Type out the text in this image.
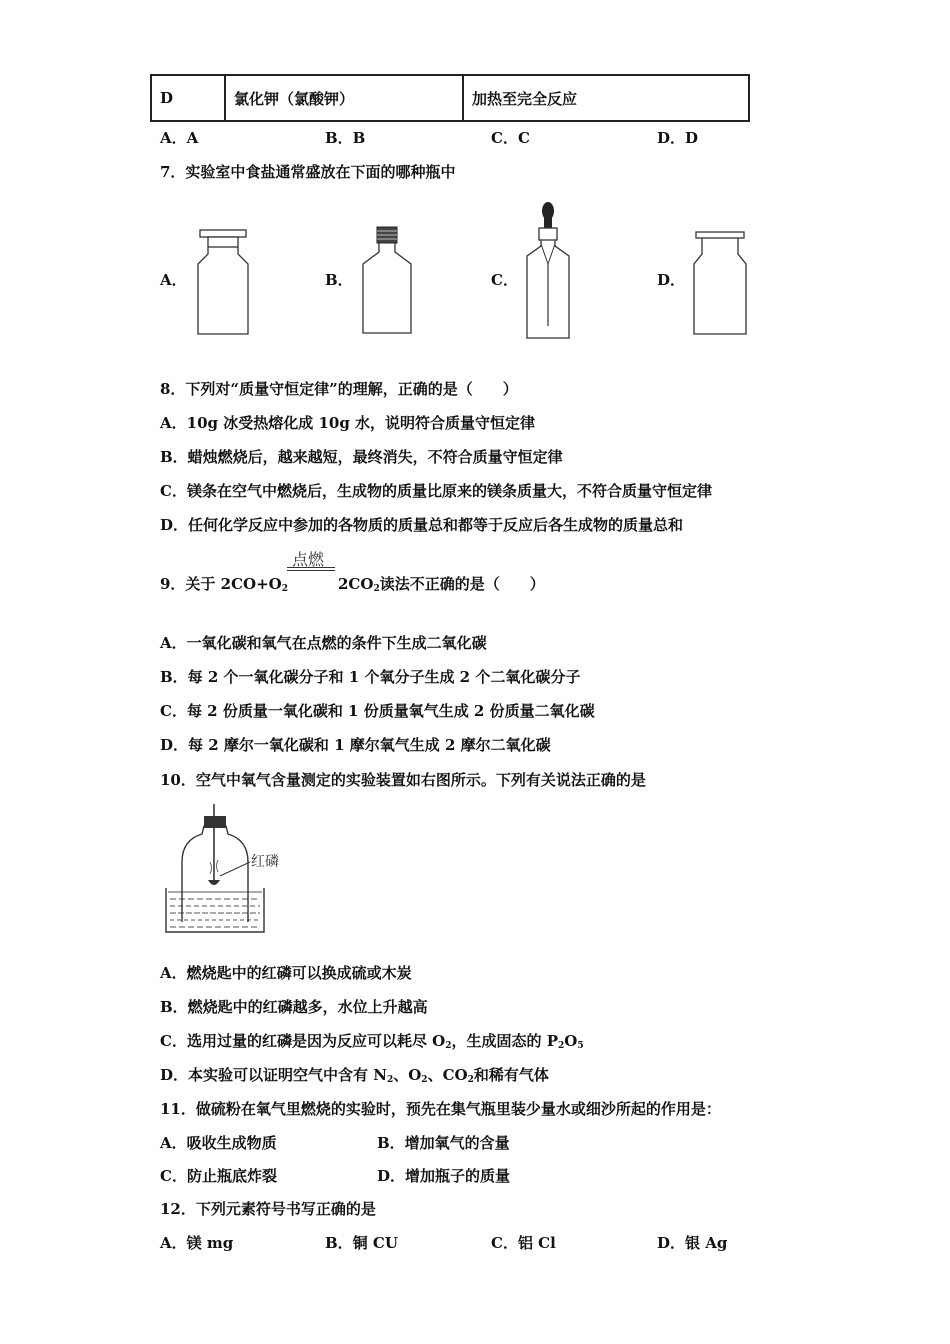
D	氯化钾（氯酸钾）	加热至完全反应
A．A	B．B	C．C	D．D
7．实验室中食盐通常盛放在下面的哪种瓶中
A．	B．	C．	D．
8．下列对“质量守恒定律”的理解，正确的是（　　）
A．10g 冰受热熔化成 10g 水，说明符合质量守恒定律
B．蜡烛燃烧后，越来越短，最终消失，不符合质量守恒定律
C．镁条在空气中燃烧后，生成物的质量比原来的镁条质量大，不符合质量守恒定律
D．任何化学反应中参加的各物质的质量总和都等于反应后各生成物的质量总和
9．关于 $2CO+O_2$
点燃
$2CO_2$读法不正确的是（　　）
A．一氧化碳和氧气在点燃的条件下生成二氧化碳
B．每 2 个一氧化碳分子和 1 个氧分子生成 2 个二氧化碳分子
C．每 2 份质量一氧化碳和 1 份质量氧气生成 2 份质量二氧化碳
D．每 2 摩尔一氧化碳和 1 摩尔氧气生成 2 摩尔二氧化碳
10．空气中氧气含量测定的实验装置如右图所示。下列有关说法正确的是
红磷
A．燃烧匙中的红磷可以换成硫或木炭
B．燃烧匙中的红磷越多，水位上升越高
C．选用过量的红磷是因为反应可以耗尽 $O_2$，生成固态的 $P_2O_5$
D．本实验可以证明空气中含有 $N_2$、$O_2$、$CO_2$和稀有气体
11．做硫粉在氧气里燃烧的实验时，预先在集气瓶里装少量水或细沙所起的作用是：
A．吸收生成物质	B．增加氧气的含量
C．防止瓶底炸裂	D．增加瓶子的质量
12．下列元素符号书写正确的是
A．镁 mg	B．铜 CU	C．铝 Cl	D．银 Ag
